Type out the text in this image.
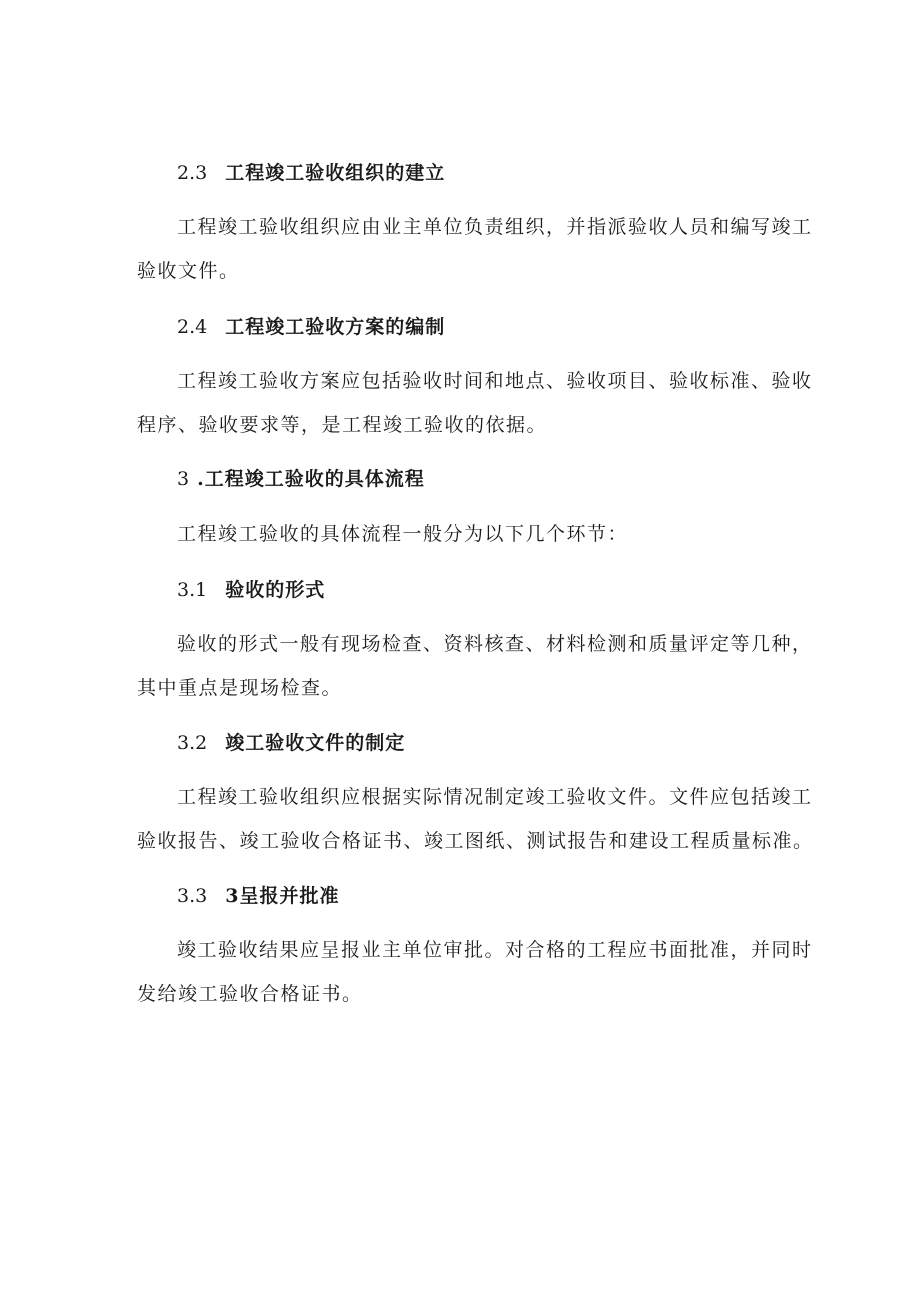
2.3 工程竣工验收组织的建立
工程竣工验收组织应由业主单位负责组织，并指派验收人员和编写竣工验收文件。
2.4 工程竣工验收方案的编制
工程竣工验收方案应包括验收时间和地点、验收项目、验收标准、验收程序、验收要求等，是工程竣工验收的依据。
3 .工程竣工验收的具体流程
工程竣工验收的具体流程一般分为以下几个环节：
3.1 验收的形式
验收的形式一般有现场检查、资料核查、材料检测和质量评定等几种，其中重点是现场检查。
3.2 竣工验收文件的制定
工程竣工验收组织应根据实际情况制定竣工验收文件。文件应包括竣工验收报告、竣工验收合格证书、竣工图纸、测试报告和建设工程质量标准。
3.3 3呈报并批准
竣工验收结果应呈报业主单位审批。对合格的工程应书面批准，并同时发给竣工验收合格证书。
